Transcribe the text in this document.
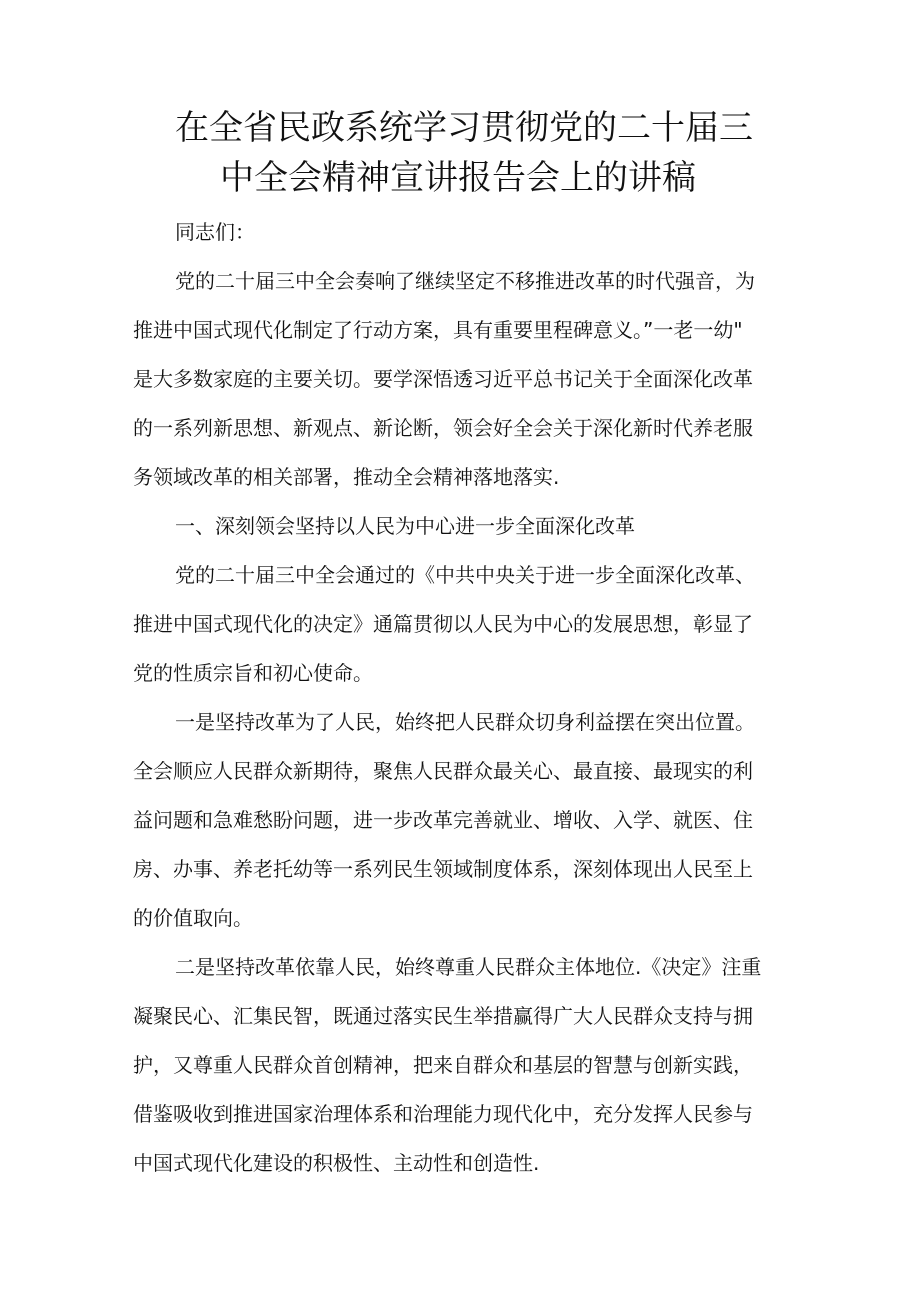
在全省民政系统学习贯彻党的二十届三
中全会精神宣讲报告会上的讲稿
同志们：
党的二十届三中全会奏响了继续坚定不移推进改革的时代强音，为
推进中国式现代化制定了行动方案，具有重要里程碑意义。”一老一幼"
是大多数家庭的主要关切。要学深悟透习近平总书记关于全面深化改革
的一系列新思想、新观点、新论断，领会好全会关于深化新时代养老服
务领域改革的相关部署，推动全会精神落地落实.
一、深刻领会坚持以人民为中心进一步全面深化改革
党的二十届三中全会通过的《中共中央关于进一步全面深化改革、
推进中国式现代化的决定》通篇贯彻以人民为中心的发展思想，彰显了
党的性质宗旨和初心使命。
一是坚持改革为了人民，始终把人民群众切身利益摆在突出位置。
全会顺应人民群众新期待，聚焦人民群众最关心、最直接、最现实的利
益问题和急难愁盼问题，进一步改革完善就业、增收、入学、就医、住
房、办事、养老托幼等一系列民生领域制度体系，深刻体现出人民至上
的价值取向。
二是坚持改革依靠人民，始终尊重人民群众主体地位.《决定》注重
凝聚民心、汇集民智，既通过落实民生举措赢得广大人民群众支持与拥
护，又尊重人民群众首创精神，把来自群众和基层的智慧与创新实践，
借鉴吸收到推进国家治理体系和治理能力现代化中，充分发挥人民参与
中国式现代化建设的积极性、主动性和创造性.
